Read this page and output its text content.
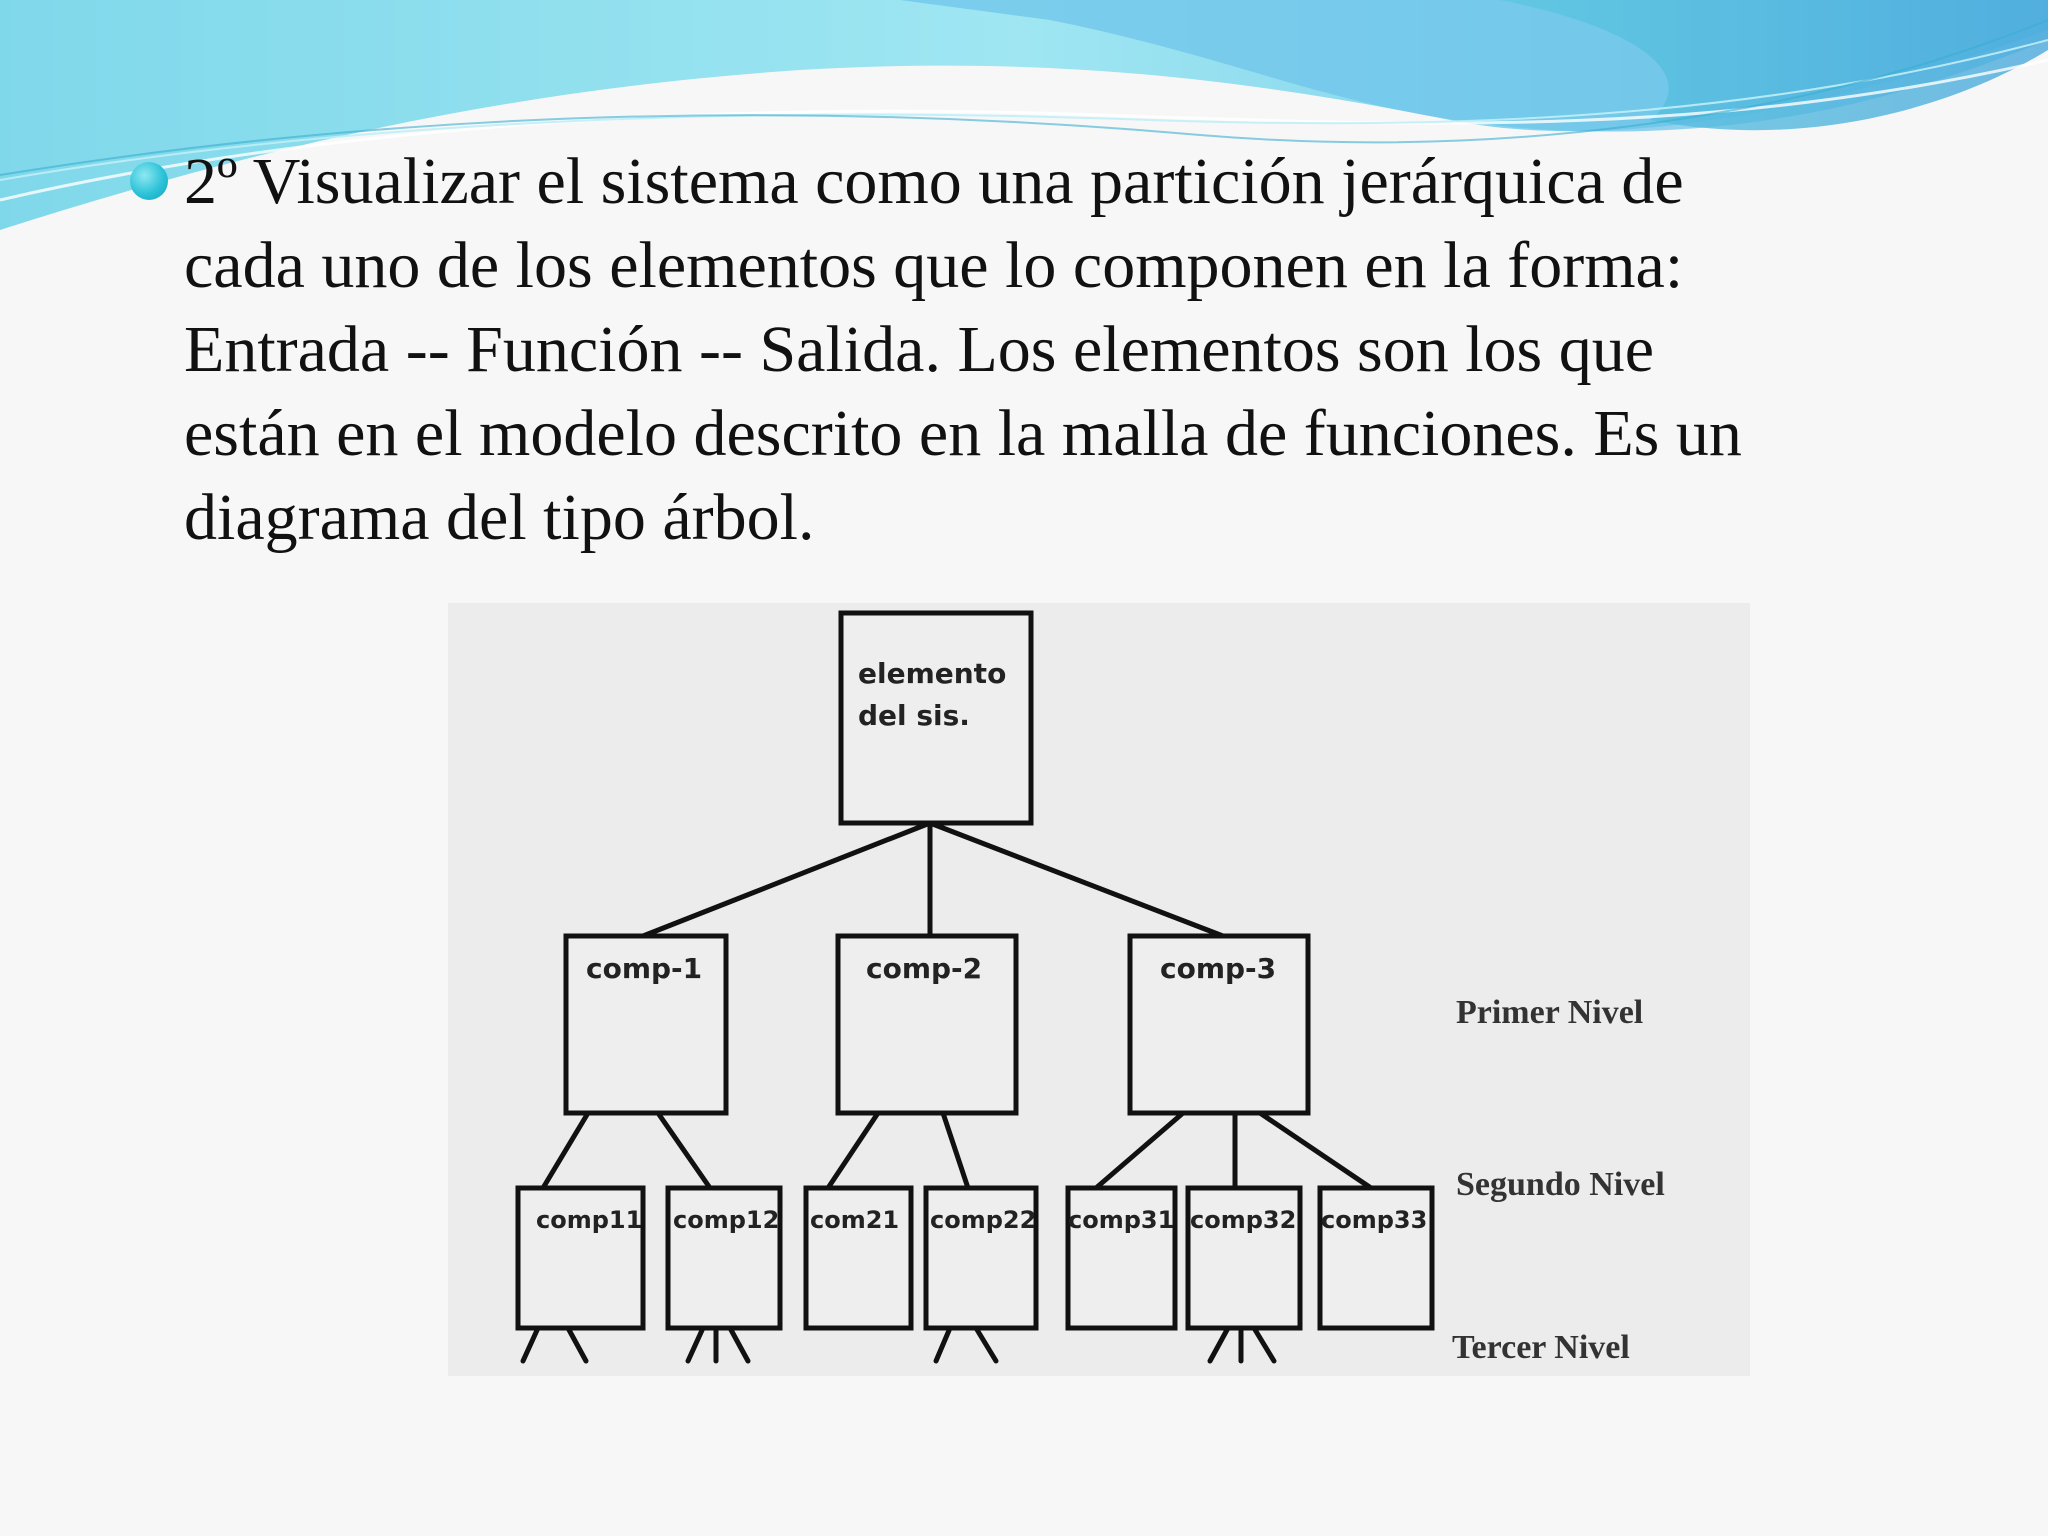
2º Visualizar el sistema como una partición jerárquica de
cada uno de los elementos que lo componen en la forma:
Entrada -- Función -- Salida. Los elementos son los que
están en el modelo descrito en la malla de funciones. Es un
diagrama del tipo árbol.
elemento
del sis.
comp-1	comp-2	comp-3
comp11 comp12 com21 comp22 comp31 comp32 comp33
Primer Nivel
Segundo Nivel
Tercer Nivel
